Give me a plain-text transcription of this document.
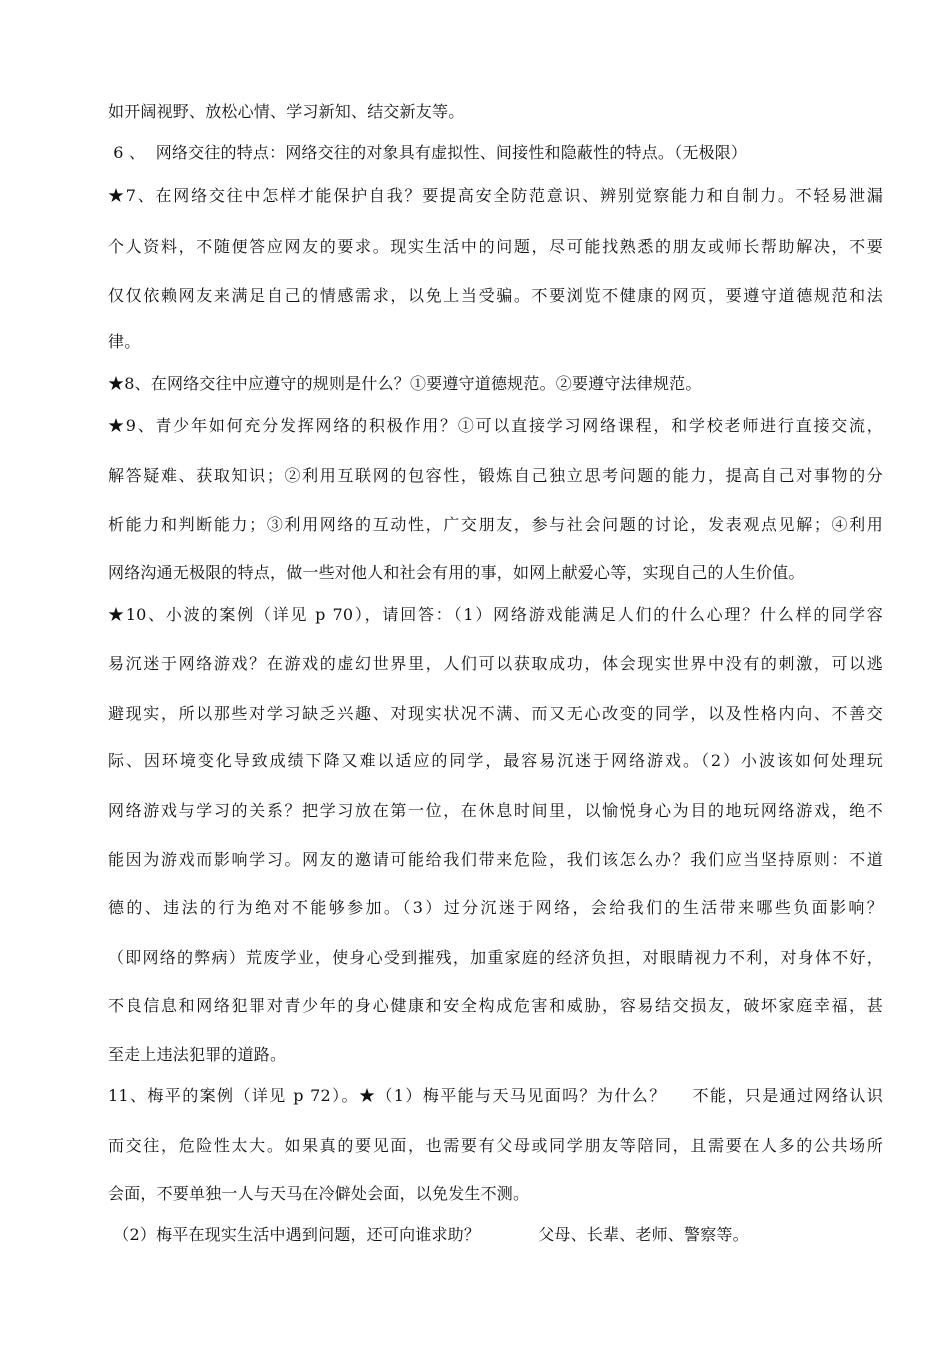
如开阔视野、放松心情、学习新知、结交新友等。
6 、  网络交往的特点：网络交往的对象具有虚拟性、间接性和隐蔽性的特点。（无极限）
★7、在网络交往中怎样才能保护自我？要提高安全防范意识、辨别觉察能力和自制力。不轻易泄漏
个人资料，不随便答应网友的要求。现实生活中的问题，尽可能找熟悉的朋友或师长帮助解决，不要
仅仅依赖网友来满足自己的情感需求，以免上当受骗。不要浏览不健康的网页，要遵守道德规范和法
律。
★8、在网络交往中应遵守的规则是什么？①要遵守道德规范。②要遵守法律规范。
★9、青少年如何充分发挥网络的积极作用？①可以直接学习网络课程，和学校老师进行直接交流，
解答疑难、获取知识；②利用互联网的包容性，锻炼自己独立思考问题的能力，提高自己对事物的分
析能力和判断能力；③利用网络的互动性，广交朋友，参与社会问题的讨论，发表观点见解；④利用
网络沟通无极限的特点，做一些对他人和社会有用的事，如网上献爱心等，实现自己的人生价值。
★10、小波的案例（详见 p 70），请回答：（1）网络游戏能满足人们的什么心理？什么样的同学容
易沉迷于网络游戏？在游戏的虚幻世界里，人们可以获取成功，体会现实世界中没有的刺激，可以逃
避现实，所以那些对学习缺乏兴趣、对现实状况不满、而又无心改变的同学，以及性格内向、不善交
际、因环境变化导致成绩下降又难以适应的同学，最容易沉迷于网络游戏。（2）小波该如何处理玩
网络游戏与学习的关系？把学习放在第一位，在休息时间里，以愉悦身心为目的地玩网络游戏，绝不
能因为游戏而影响学习。网友的邀请可能给我们带来危险，我们该怎么办？我们应当坚持原则：不道
德的、违法的行为绝对不能够参加。（3）过分沉迷于网络，会给我们的生活带来哪些负面影响？
（即网络的弊病）荒废学业，使身心受到摧残，加重家庭的经济负担，对眼睛视力不利，对身体不好，
不良信息和网络犯罪对青少年的身心健康和安全构成危害和威胁，容易结交损友，破坏家庭幸福，甚
至走上违法犯罪的道路。
11、梅平的案例（详见 p 72）。★（1）梅平能与天马见面吗？为什么？    不能，只是通过网络认识
而交往，危险性太大。如果真的要见面，也需要有父母或同学朋友等陪同，且需要在人多的公共场所
会面，不要单独一人与天马在冷僻处会面，以免发生不测。
（2）梅平在现实生活中遇到问题，还可向谁求助？           父母、长辈、老师、警察等。
